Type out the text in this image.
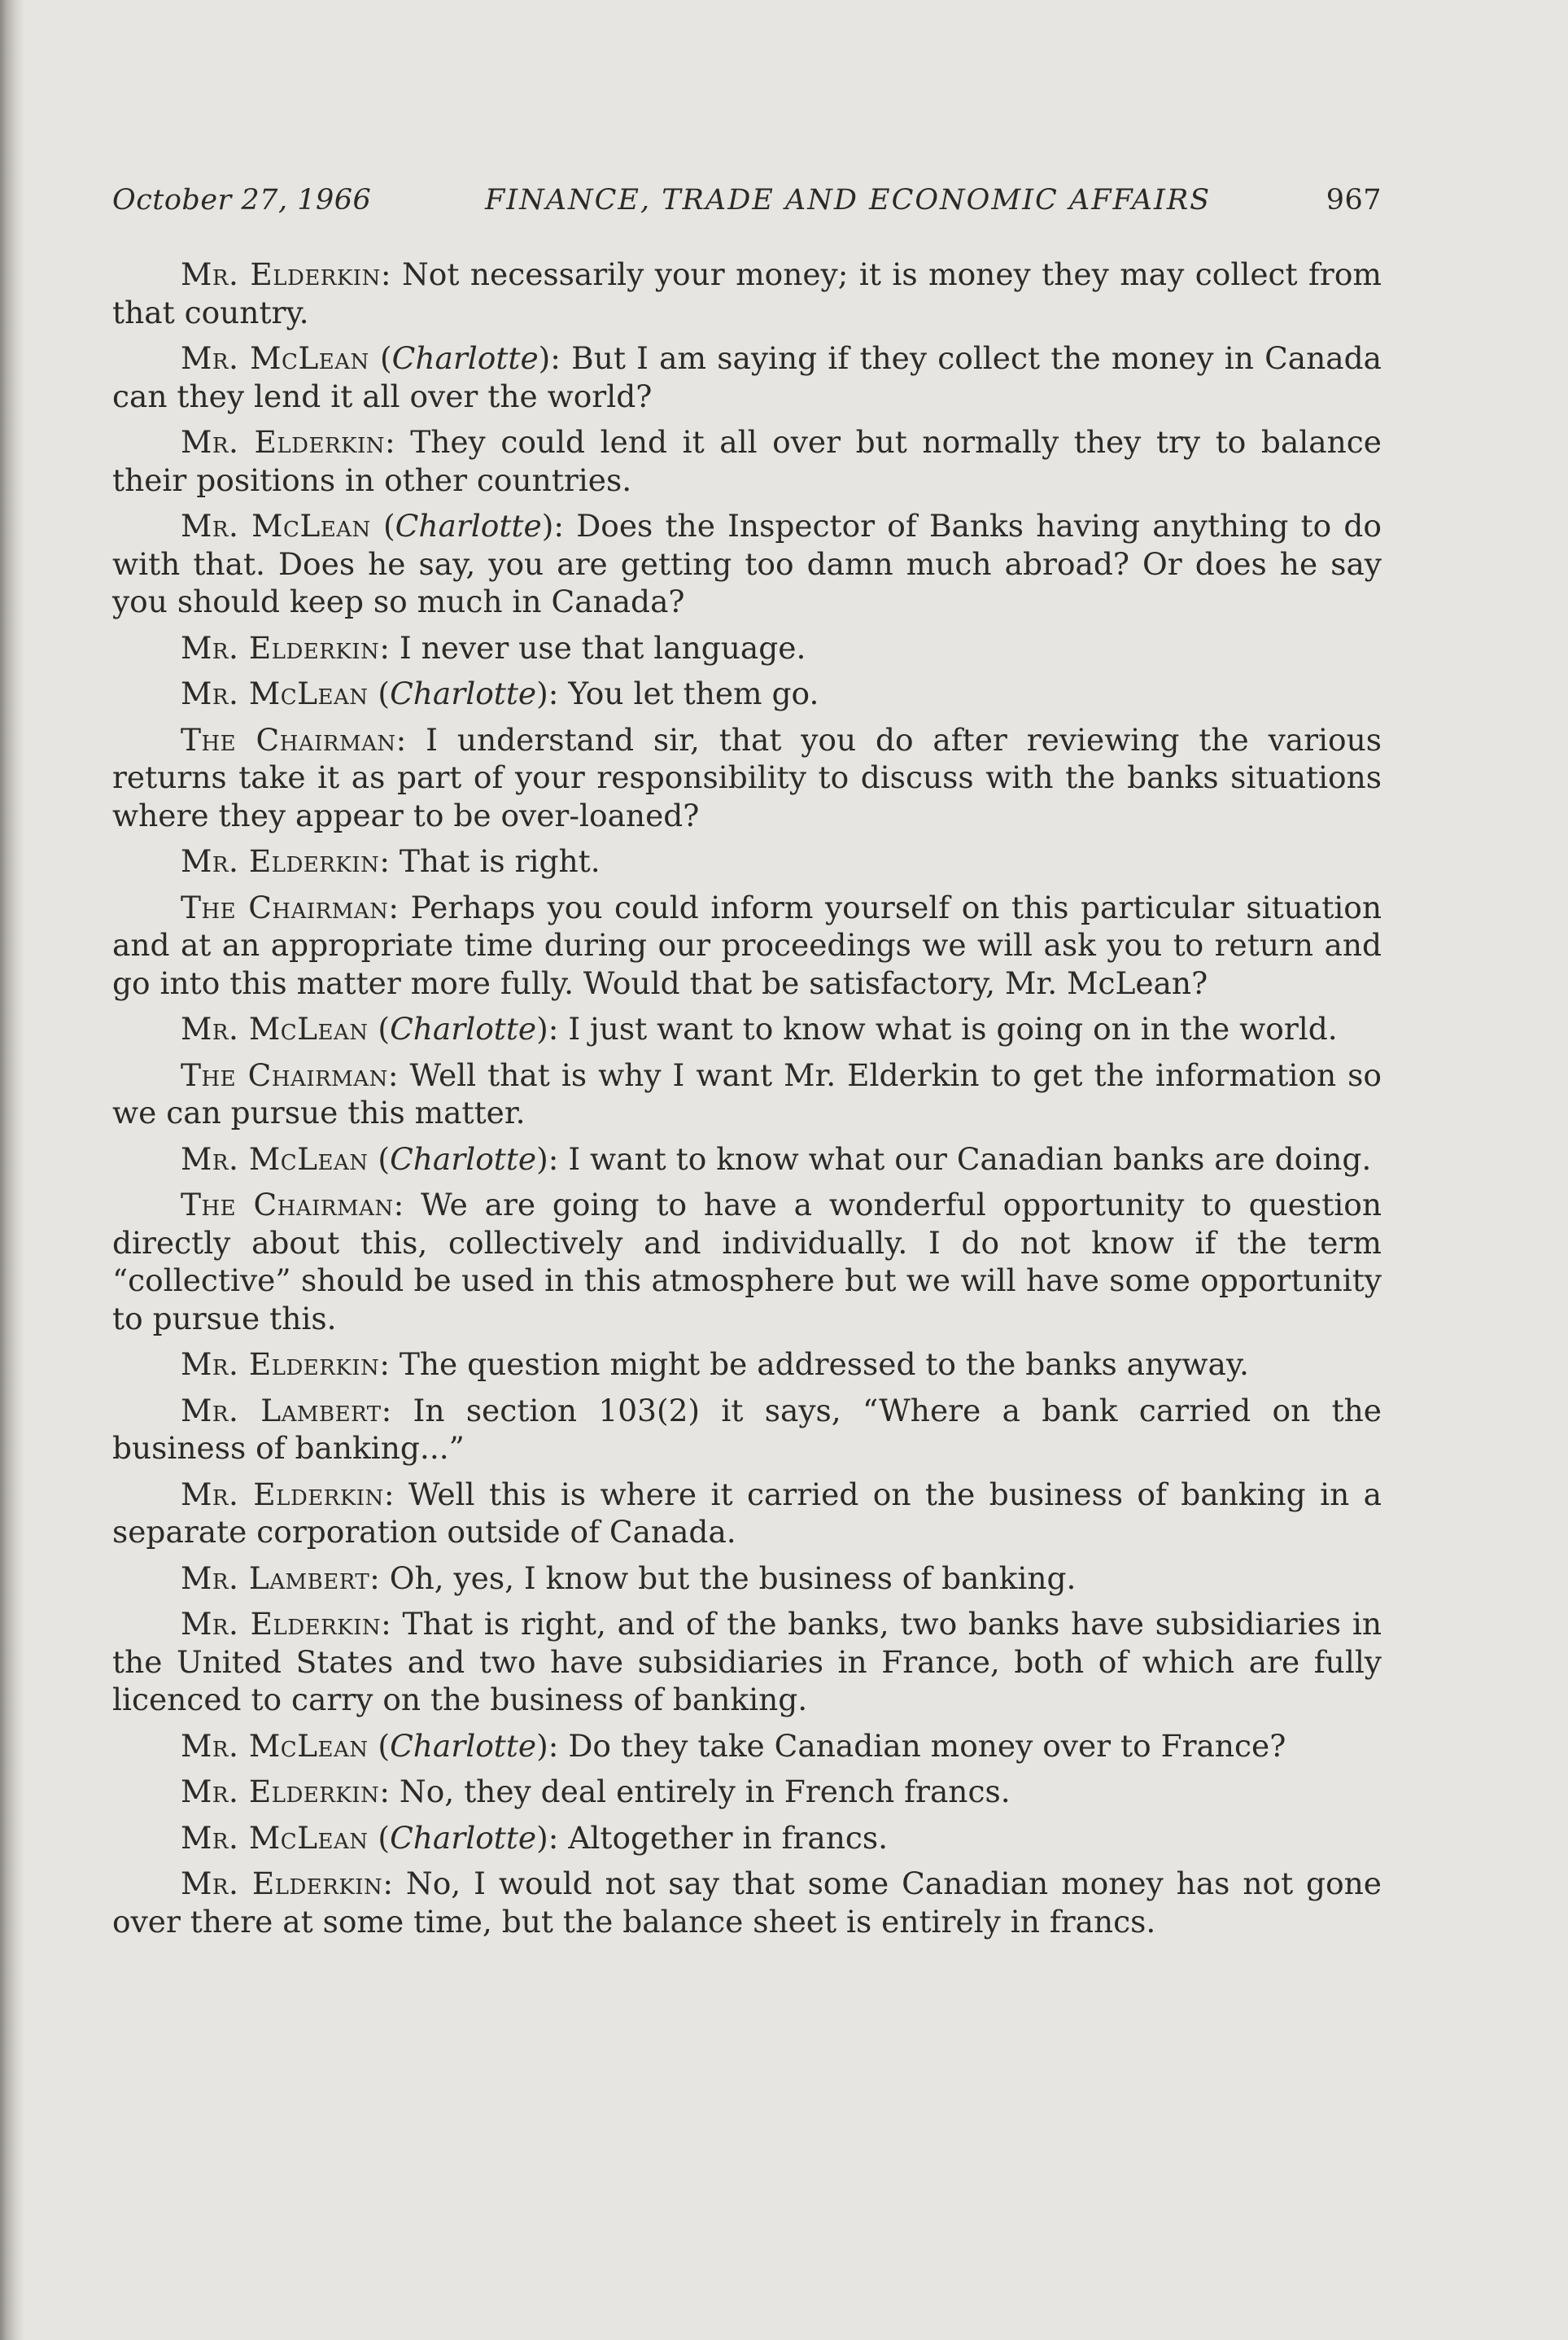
October 27, 1966	FINANCE, TRADE AND ECONOMIC AFFAIRS	967

Mr. Elderkin: Not necessarily your money; it is money they may collect from that country.

Mr. McLean (Charlotte): But I am saying if they collect the money in Canada can they lend it all over the world?

Mr. Elderkin: They could lend it all over but normally they try to balance their positions in other countries.

Mr. McLean (Charlotte): Does the Inspector of Banks having anything to do with that. Does he say, you are getting too damn much abroad? Or does he say you should keep so much in Canada?

Mr. Elderkin: I never use that language.

Mr. McLean (Charlotte): You let them go.

The Chairman: I understand sir, that you do after reviewing the various returns take it as part of your responsibility to discuss with the banks situations where they appear to be over-loaned?

Mr. Elderkin: That is right.

The Chairman: Perhaps you could inform yourself on this particular situation and at an appropriate time during our proceedings we will ask you to return and go into this matter more fully. Would that be satisfactory, Mr. McLean?

Mr. McLean (Charlotte): I just want to know what is going on in the world.

The Chairman: Well that is why I want Mr. Elderkin to get the information so we can pursue this matter.

Mr. McLean (Charlotte): I want to know what our Canadian banks are doing.

The Chairman: We are going to have a wonderful opportunity to question directly about this, collectively and individually. I do not know if the term “collective” should be used in this atmosphere but we will have some opportunity to pursue this.

Mr. Elderkin: The question might be addressed to the banks anyway.

Mr. Lambert: In section 103(2) it says, “Where a bank carried on the business of banking...”

Mr. Elderkin: Well this is where it carried on the business of banking in a separate corporation outside of Canada.

Mr. Lambert: Oh, yes, I know but the business of banking.

Mr. Elderkin: That is right, and of the banks, two banks have subsidiaries in the United States and two have subsidiaries in France, both of which are fully licenced to carry on the business of banking.

Mr. McLean (Charlotte): Do they take Canadian money over to France?

Mr. Elderkin: No, they deal entirely in French francs.

Mr. McLean (Charlotte): Altogether in francs.

Mr. Elderkin: No, I would not say that some Canadian money has not gone over there at some time, but the balance sheet is entirely in francs.
